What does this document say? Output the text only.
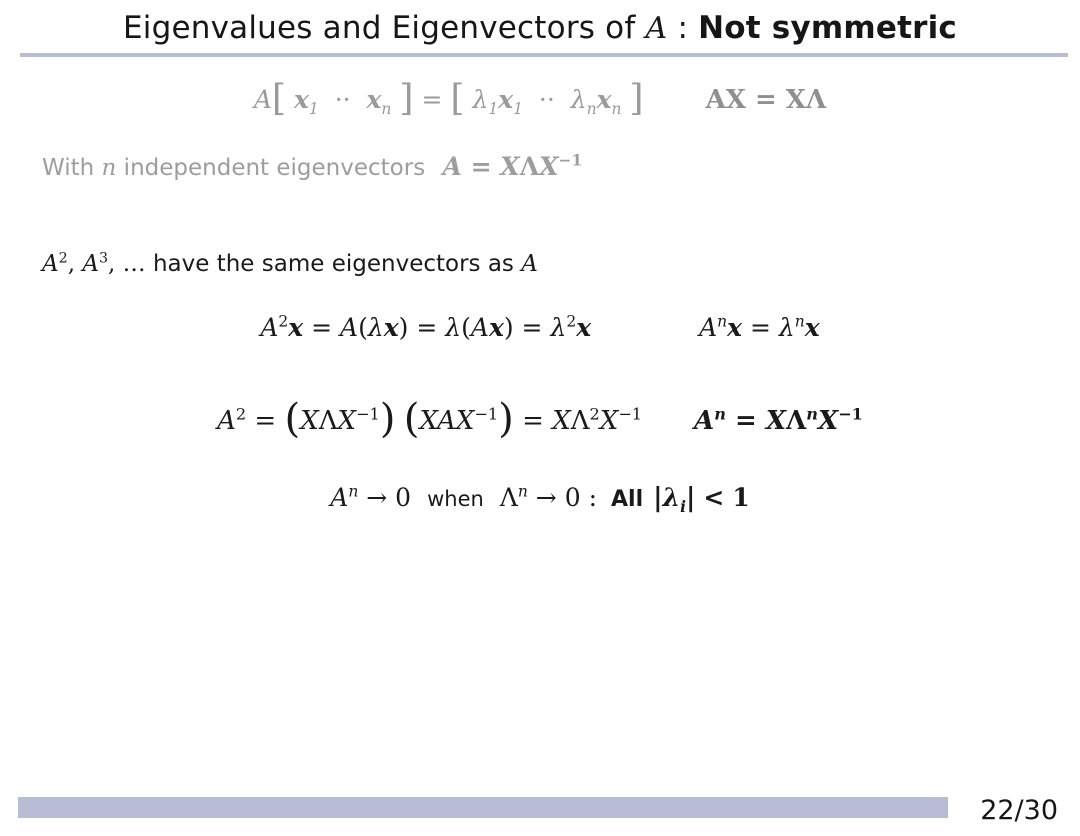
Eigenvalues and Eigenvectors of A : Not symmetric
A[ $x_1 \cdot\cdot x_n$ ] = [ $\lambda_1x_1 \cdot\cdot \lambda_nx_n$ ] AX = XΛ
With n independent eigenvectors $A = X\Lambda X^{-1}$
$A^2$, $A^3$, … have the same eigenvectors as A
$A^2x = A(\lambda x) = \lambda(Ax) = \lambda^2x$	$A^nx = \lambda^nx$
$A^2 = (X\Lambda X^{-1}) (XAX^{-1}) = X\Lambda^2X^{-1}$ $A^n = X\Lambda^nX^{-1}$
$A^n \to 0$ when $\Lambda^n \to 0$ : All $|\lambda_i| < 1$
22/30
